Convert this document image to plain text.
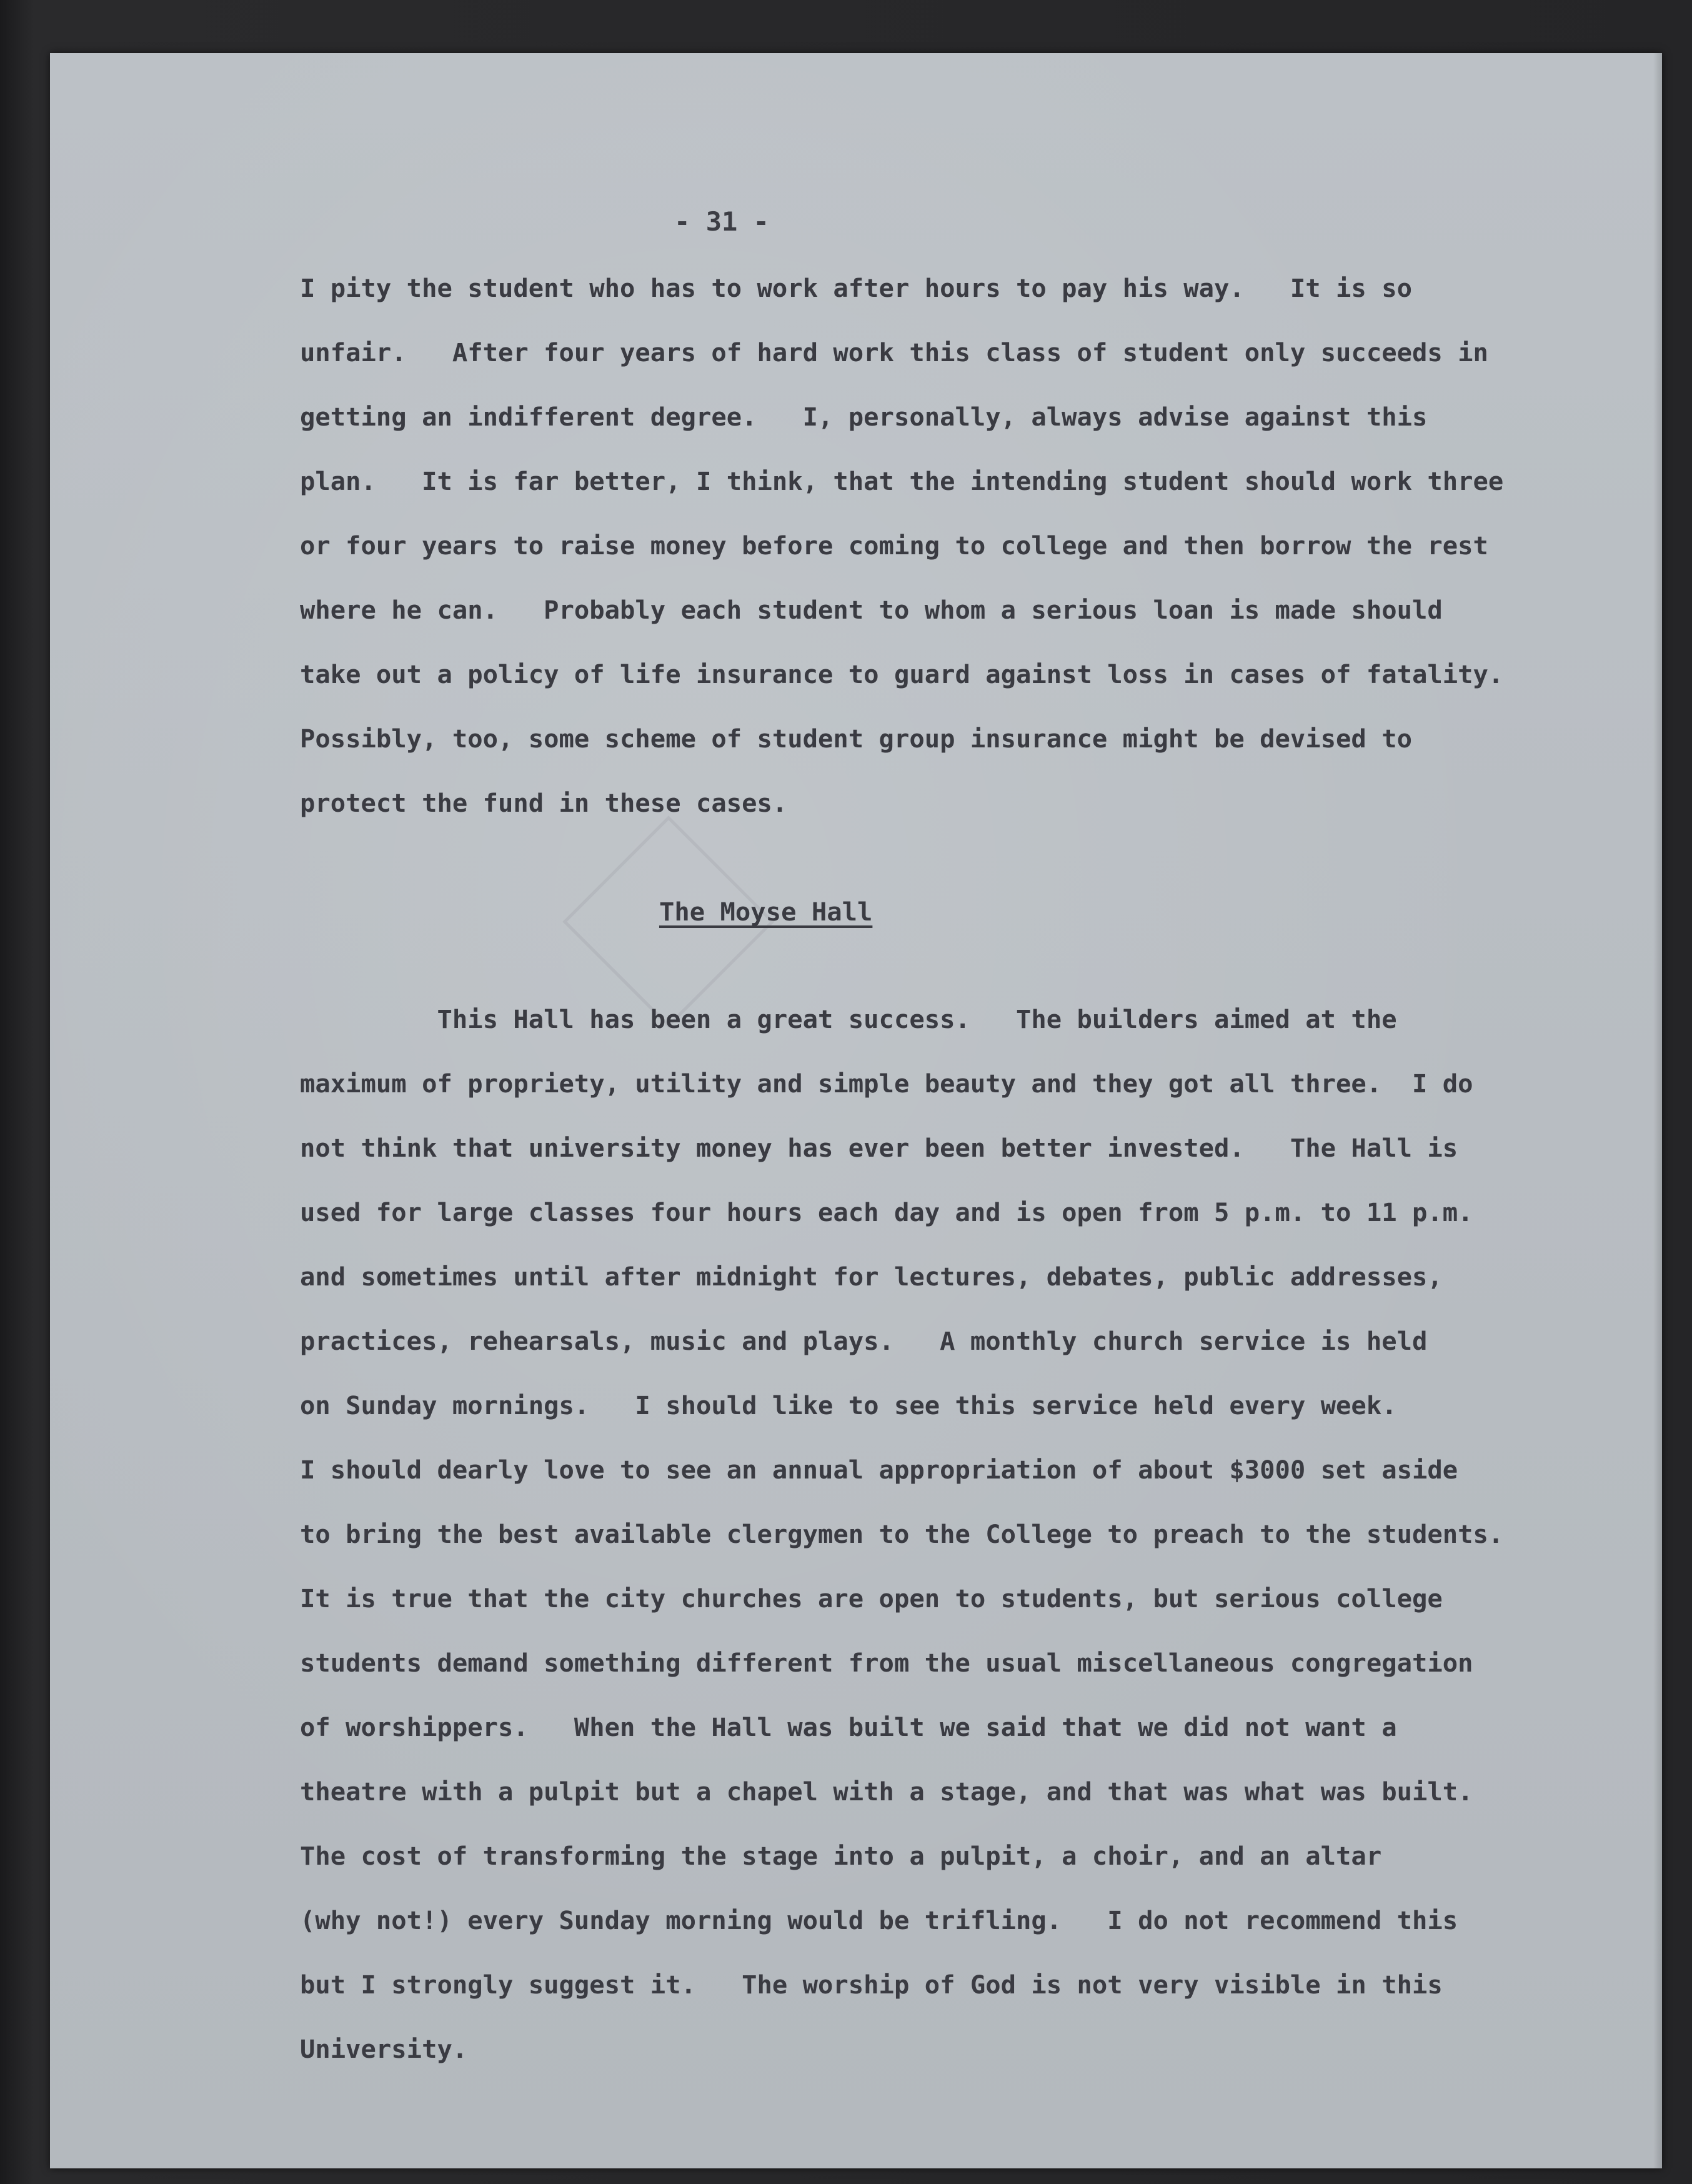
- 31 -
I pity the student who has to work after hours to pay his way.   It is so
unfair.   After four years of hard work this class of student only succeeds in
getting an indifferent degree.   I, personally, always advise against this
plan.   It is far better, I think, that the intending student should work three
or four years to raise money before coming to college and then borrow the rest
where he can.   Probably each student to whom a serious loan is made should
take out a policy of life insurance to guard against loss in cases of fatality.
Possibly, too, some scheme of student group insurance might be devised to
protect the fund in these cases.
The Moyse Hall
This Hall has been a great success.   The builders aimed at the
maximum of propriety, utility and simple beauty and they got all three.  I do
not think that university money has ever been better invested.   The Hall is
used for large classes four hours each day and is open from 5 p.m. to 11 p.m.
and sometimes until after midnight for lectures, debates, public addresses,
practices, rehearsals, music and plays.   A monthly church service is held
on Sunday mornings.   I should like to see this service held every week.
I should dearly love to see an annual appropriation of about $3000 set aside
to bring the best available clergymen to the College to preach to the students.
It is true that the city churches are open to students, but serious college
students demand something different from the usual miscellaneous congregation
of worshippers.   When the Hall was built we said that we did not want a
theatre with a pulpit but a chapel with a stage, and that was what was built.
The cost of transforming the stage into a pulpit, a choir, and an altar
(why not!) every Sunday morning would be trifling.   I do not recommend this
but I strongly suggest it.   The worship of God is not very visible in this
University.
